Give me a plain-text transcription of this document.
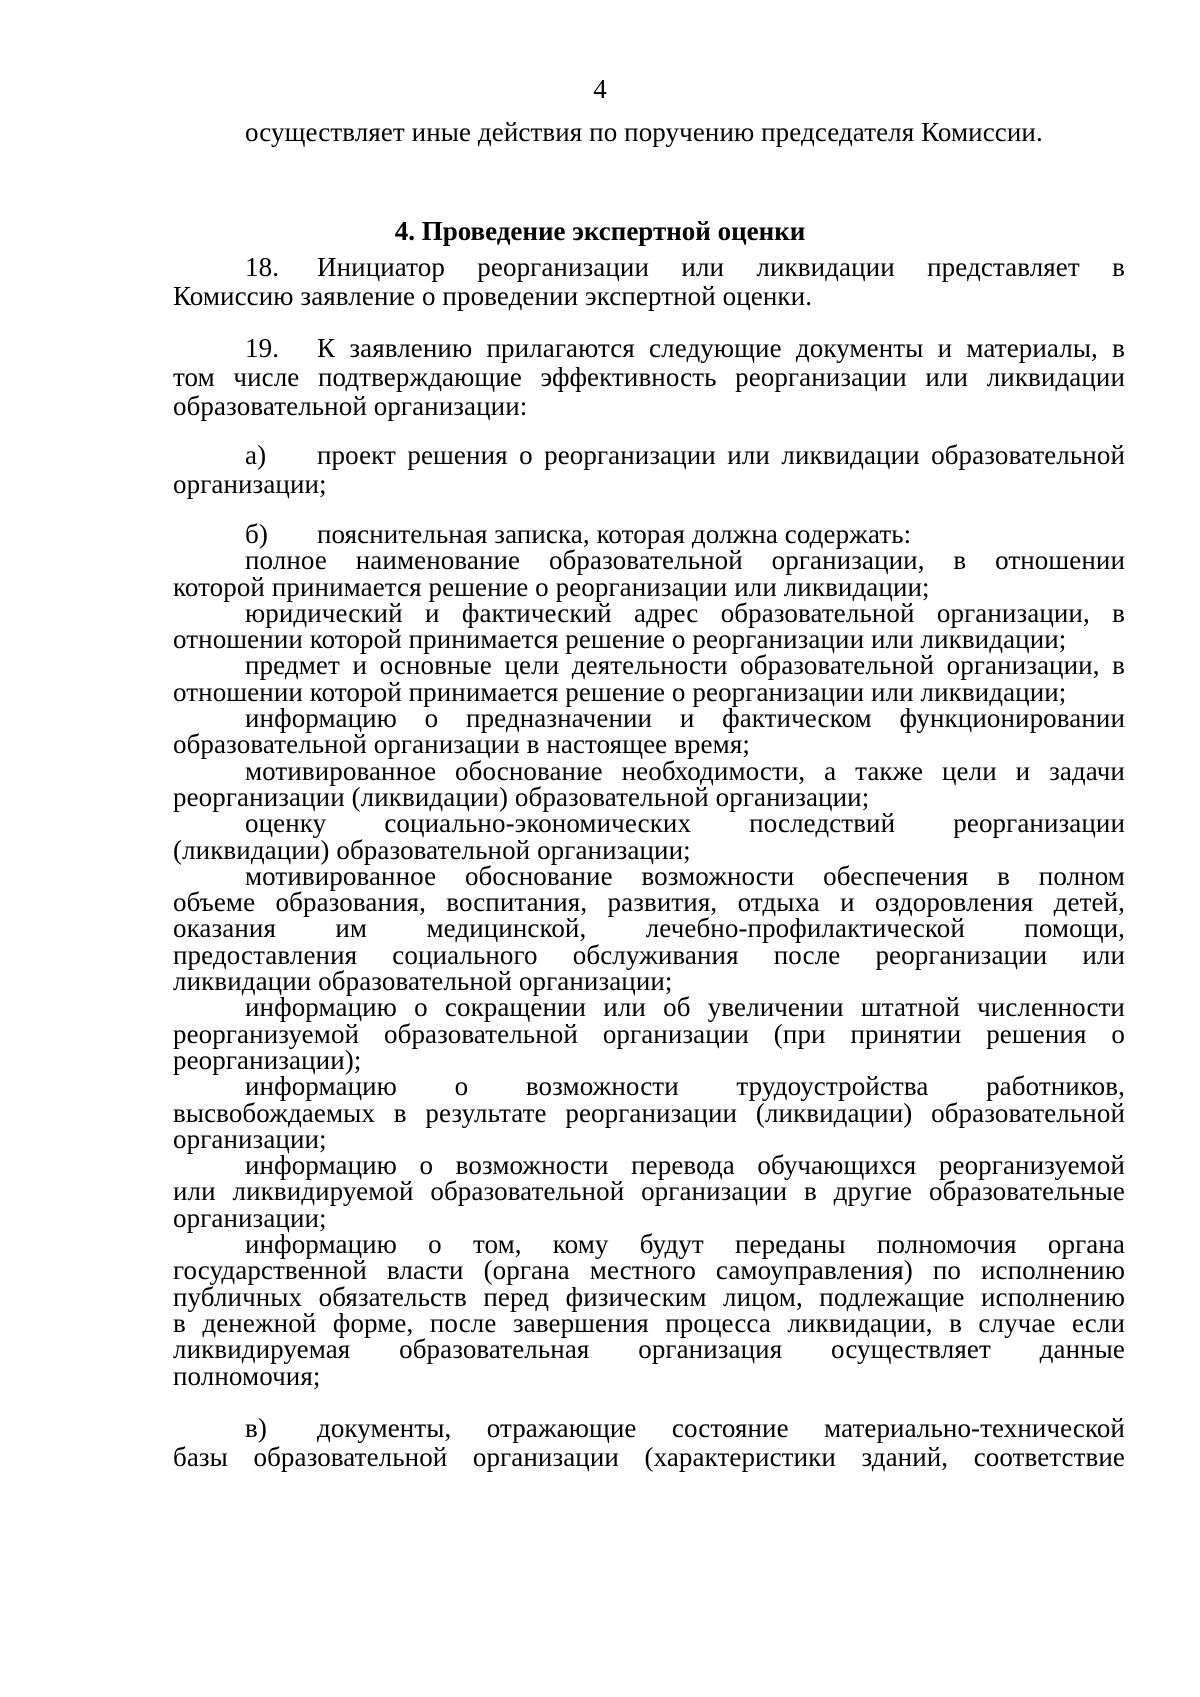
4

осуществляет иные действия по поручению председателя Комиссии.

4. Проведение экспертной оценки

18. Инициатор реорганизации или ликвидации представляет в

Комиссию заявление о проведении экспертной оценки.

19. К заявлению прилагаются следующие документы и материалы, в

том числе подтверждающие эффективность реорганизации или ликвидации

образовательной организации:

а) проект решения о реорганизации или ликвидации образовательной

организации;

б) пояснительная записка, которая должна содержать:

полное наименование образовательной организации, в отношении

которой принимается решение о реорганизации или ликвидации;

юридический и фактический адрес образовательной организации, в

отношении которой принимается решение о реорганизации или ликвидации;

предмет и основные цели деятельности образовательной организации, в

отношении которой принимается решение о реорганизации или ликвидации;

информацию о предназначении и фактическом функционировании

образовательной организации в настоящее время;

мотивированное обоснование необходимости, а также цели и задачи

реорганизации (ликвидации) образовательной организации;

оценку социально-экономических последствий реорганизации

(ликвидации) образовательной организации;

мотивированное обоснование возможности обеспечения в полном

объеме образования, воспитания, развития, отдыха и оздоровления детей,

оказания им медицинской, лечебно-профилактической помощи,

предоставления социального обслуживания после реорганизации или

ликвидации образовательной организации;

информацию о сокращении или об увеличении штатной численности

реорганизуемой образовательной организации (при принятии решения о

реорганизации);

информацию о возможности трудоустройства работников,

высвобождаемых в результате реорганизации (ликвидации) образовательной

организации;

информацию о возможности перевода обучающихся реорганизуемой

или ликвидируемой образовательной организации в другие образовательные

организации;

информацию о том, кому будут переданы полномочия органа

государственной власти (органа местного самоуправления) по исполнению

публичных обязательств перед физическим лицом, подлежащие исполнению

в денежной форме, после завершения процесса ликвидации, в случае если

ликвидируемая образовательная организация осуществляет данные

полномочия;

в) документы, отражающие состояние материально-технической

базы образовательной организации (характеристики зданий, соответствие
